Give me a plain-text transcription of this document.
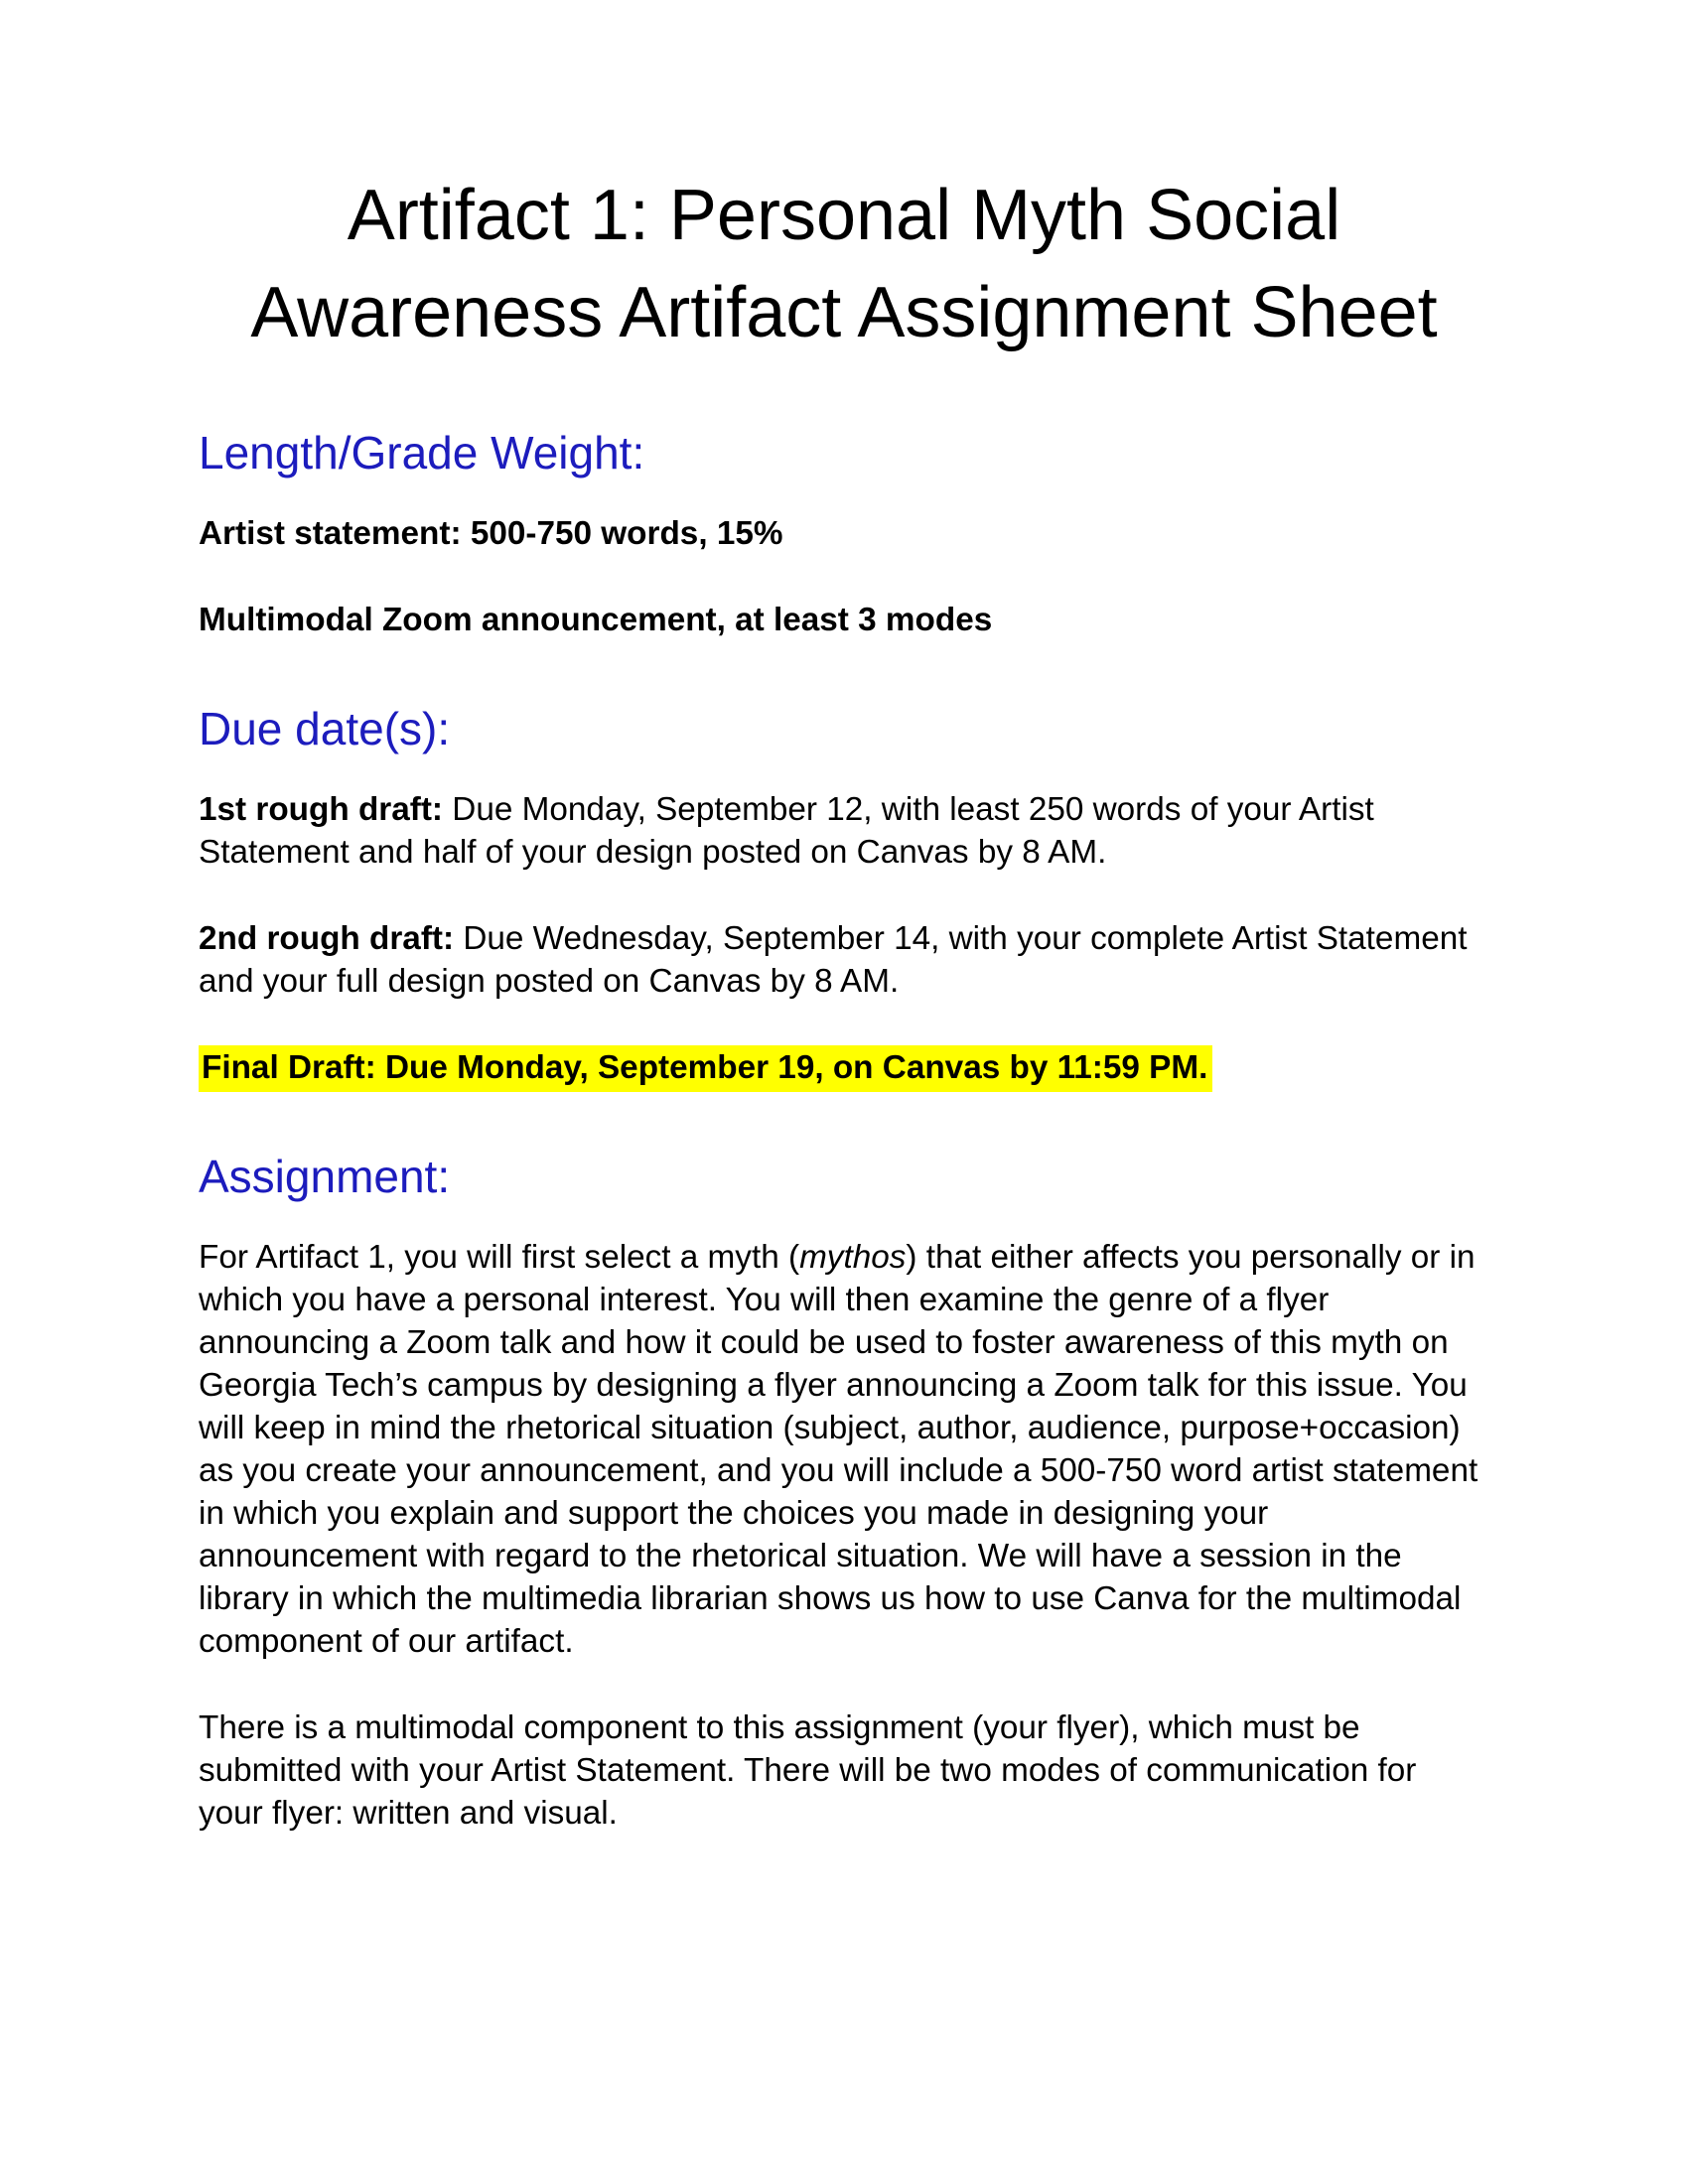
Artifact 1: Personal Myth Social Awareness Artifact Assignment Sheet
Length/Grade Weight:

Artist statement: 500-750 words, 15%

Multimodal Zoom announcement, at least 3 modes

Due date(s):

1st rough draft: Due Monday, September 12, with least 250 words of your Artist Statement and half of your design posted on Canvas by 8 AM.

2nd rough draft: Due Wednesday, September 14, with your complete Artist Statement and your full design posted on Canvas by 8 AM.

Final Draft: Due Monday, September 19, on Canvas by 11:59 PM.

Assignment:

For Artifact 1, you will first select a myth (mythos) that either affects you personally or in which you have a personal interest. You will then examine the genre of a flyer announcing a Zoom talk and how it could be used to foster awareness of this myth on Georgia Tech’s campus by designing a flyer announcing a Zoom talk for this issue. You will keep in mind the rhetorical situation (subject, author, audience, purpose+occasion) as you create your announcement, and you will include a 500-750 word artist statement in which you explain and support the choices you made in designing your announcement with regard to the rhetorical situation. We will have a session in the library in which the multimedia librarian shows us how to use Canva for the multimodal component of our artifact.

There is a multimodal component to this assignment (your flyer), which must be submitted with your Artist Statement. There will be two modes of communication for your flyer: written and visual.
